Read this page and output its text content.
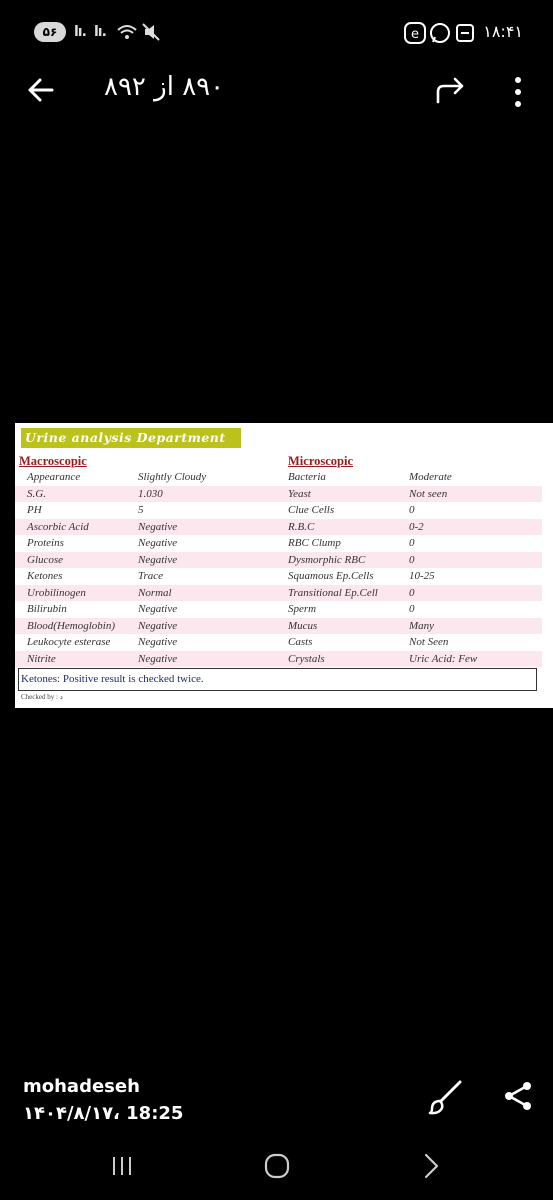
۵۶	lı. lı.	e	۱۸:۴۱
۸۹۰ از ۸۹۲
Urine analysis Department
Macroscopic	Microscopic
Appearance	Slightly Cloudy	Bacteria	Moderate
S.G.	1.030	Yeast	Not seen
PH	5	Clue Cells	0
Ascorbic Acid	Negative	R.B.C	0-2
Proteins	Negative	RBC Clump	0
Glucose	Negative	Dysmorphic RBC	0
Ketones	Trace	Squamous Ep.Cells	10-25
Urobilinogen	Normal	Transitional Ep.Cell	0
Bilirubin	Negative	Sperm	0
Blood(Hemoglobin) Negative	Mucus	Many
Leukocyte esterase	Negative	Casts	Not Seen
Nitrite	Negative	Crystals	Uric Acid: Few
Ketones: Positive result is checked twice.
Checked by : د
mohadeseh
۱۴۰۴/۸/۱۷، 18:25
